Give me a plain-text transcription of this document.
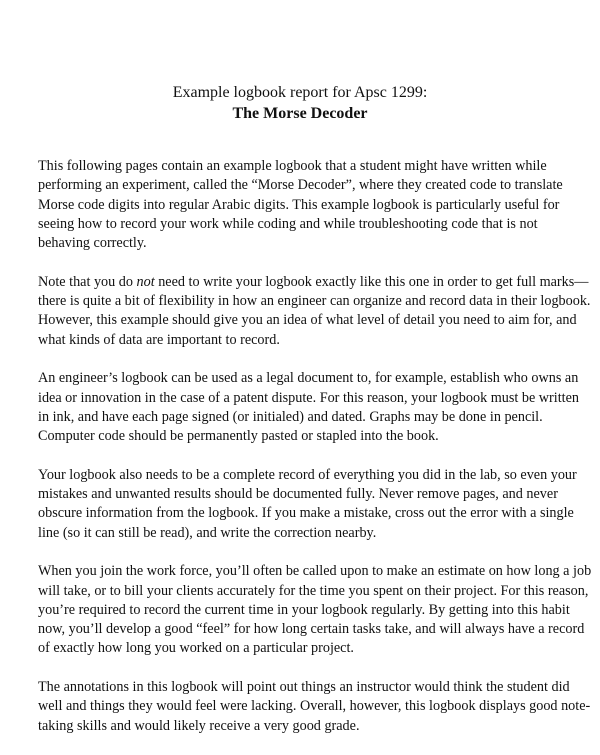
Example logbook report for Apsc 1299:

The Morse Decoder

This following pages contain an example logbook that a student might have written while
performing an experiment, called the “Morse Decoder”, where they created code to translate
Morse code digits into regular Arabic digits. This example logbook is particularly useful for
seeing how to record your work while coding and while troubleshooting code that is not
behaving correctly.

Note that you do not need to write your logbook exactly like this one in order to get full marks—
there is quite a bit of flexibility in how an engineer can organize and record data in their logbook.
However, this example should give you an idea of what level of detail you need to aim for, and
what kinds of data are important to record.

An engineer’s logbook can be used as a legal document to, for example, establish who owns an
idea or innovation in the case of a patent dispute. For this reason, your logbook must be written
in ink, and have each page signed (or initialed) and dated. Graphs may be done in pencil.
Computer code should be permanently pasted or stapled into the book.

Your logbook also needs to be a complete record of everything you did in the lab, so even your
mistakes and unwanted results should be documented fully. Never remove pages, and never
obscure information from the logbook. If you make a mistake, cross out the error with a single
line (so it can still be read), and write the correction nearby.

When you join the work force, you’ll often be called upon to make an estimate on how long a job
will take, or to bill your clients accurately for the time you spent on their project. For this reason,
you’re required to record the current time in your logbook regularly. By getting into this habit
now, you’ll develop a good “feel” for how long certain tasks take, and will always have a record
of exactly how long you worked on a particular project.

The annotations in this logbook will point out things an instructor would think the student did
well and things they would feel were lacking. Overall, however, this logbook displays good note-
taking skills and would likely receive a very good grade.
